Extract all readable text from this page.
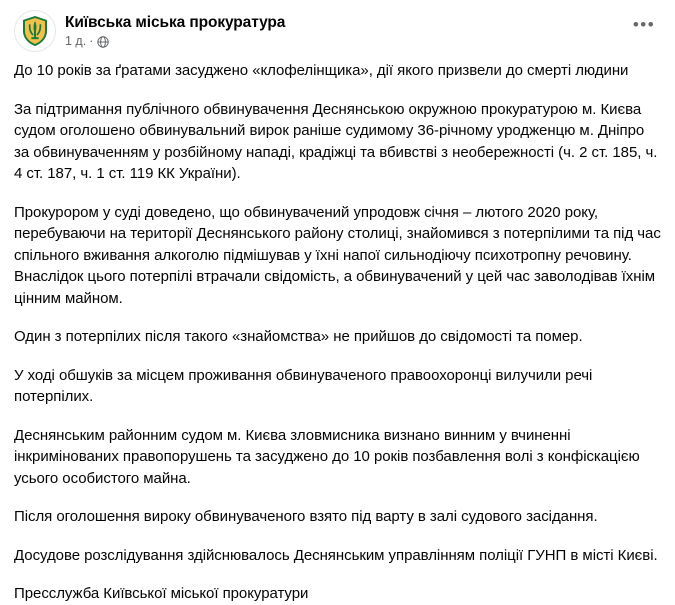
Київська міська прокуратура
1 д. ·
•••

До 10 років за ґратами засуджено «клофелінщика», дії якого призвели до смерті людини

За підтримання публічного обвинувачення Деснянською окружною прокуратурою м. Києва судом оголошено обвинувальний вирок раніше судимому 36-річному уродженцю м. Дніпро за обвинуваченням у розбійному нападі, крадіжці та вбивстві з необережності (ч. 2 ст. 185, ч. 4 ст. 187, ч. 1 ст. 119 КК України).

Прокурором у суді доведено, що обвинувачений упродовж січня – лютого 2020 року, перебуваючи на території Деснянського району столиці, знайомився з потерпілими та під час спільного вживання алкоголю підмішував у їхні напої сильнодіючу психотропну речовину. Внаслідок цього потерпілі втрачали свідомість, а обвинувачений у цей час заволодівав їхнім цінним майном.

Один з потерпілих після такого «знайомства» не прийшов до свідомості та помер.

У ході обшуків за місцем проживання обвинуваченого правоохоронці вилучили речі потерпілих.

Деснянським районним судом м. Києва зловмисника визнано винним у вчиненні інкримінованих правопорушень та засуджено до 10 років позбавлення волі з конфіскацією усього особистого майна.

Після оголошення вироку обвинуваченого взято під варту в залі судового засідання.

Досудове розслідування здійснювалось Деснянським управлінням поліції ГУНП в місті Києві.

Пресслужба Київської міської прокуратури
